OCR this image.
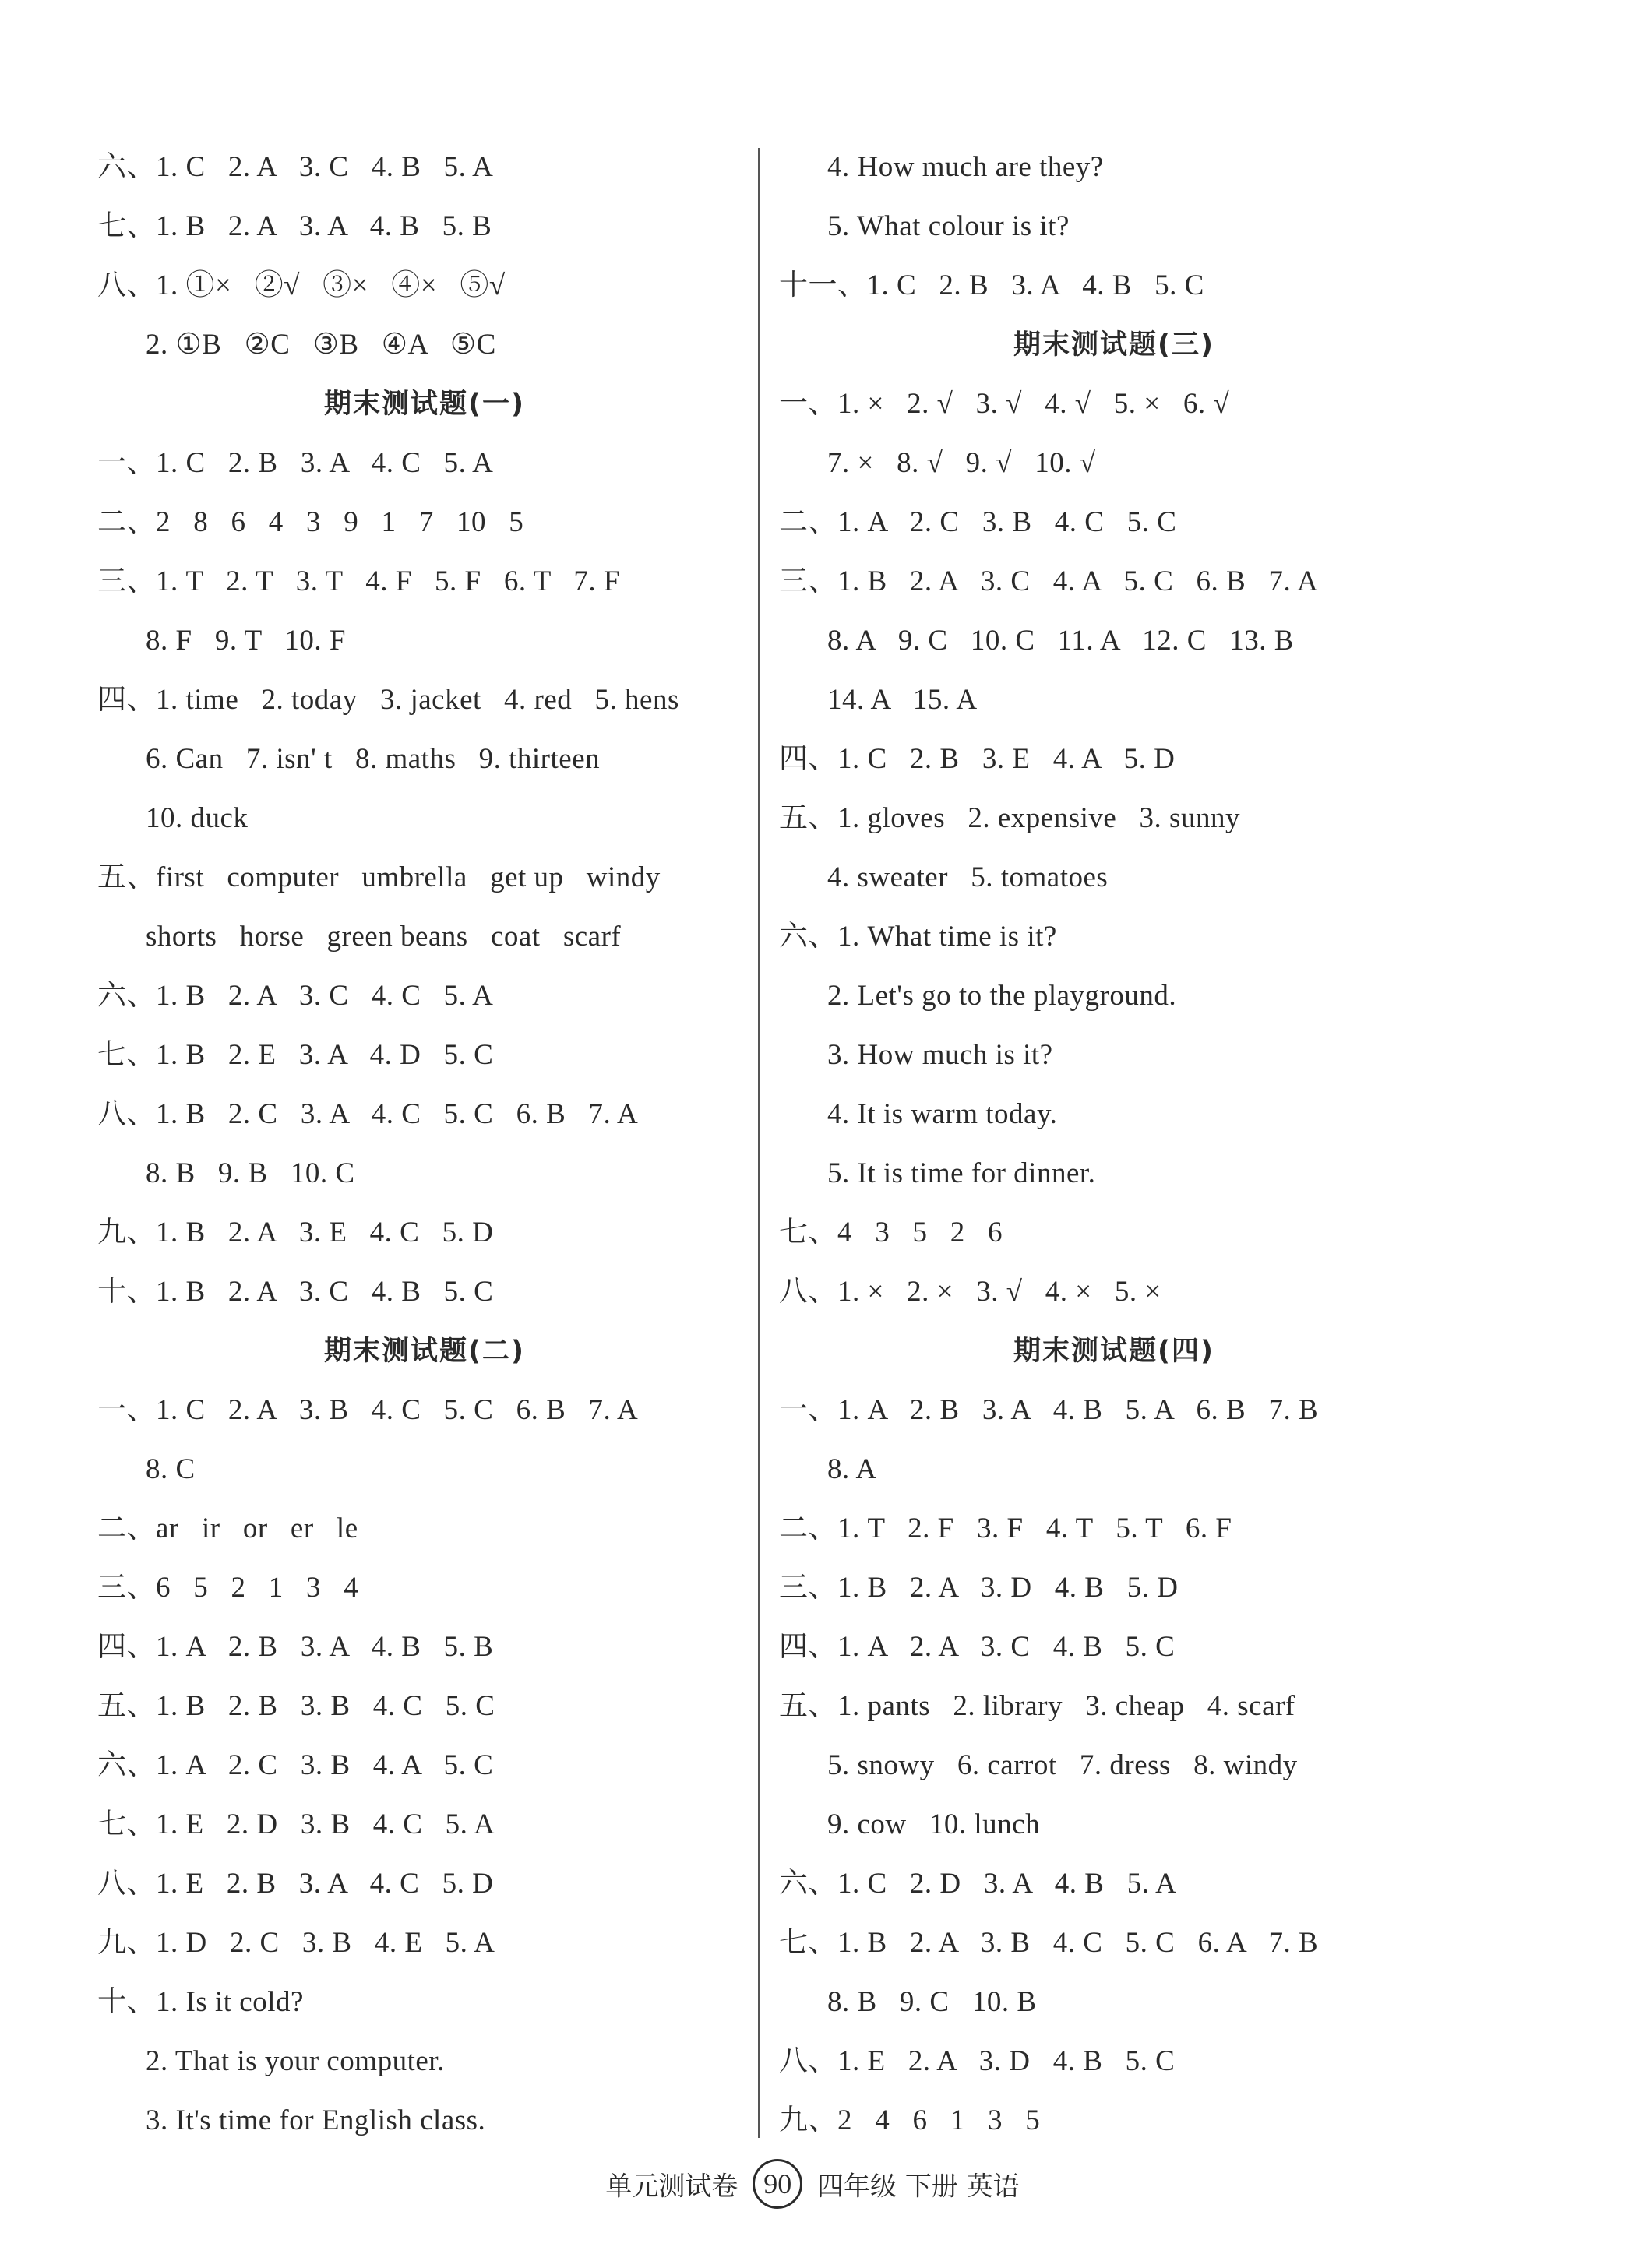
六、1. C   2. A   3. C   4. B   5. A
七、1. B   2. A   3. A   4. B   5. B
八、1. ①×   ②√   ③×   ④×   ⑤√
2. ①B   ②C   ③B   ④A   ⑤C
期末测试题(一)
一、1. C   2. B   3. A   4. C   5. A
二、2   8   6   4   3   9   1   7   10   5
三、1. T   2. T   3. T   4. F   5. F   6. T   7. F
8. F   9. T   10. F
四、1. time   2. today   3. jacket   4. red   5. hens
6. Can   7. isn' t   8. maths   9. thirteen
10. duck
五、first   computer   umbrella   get up   windy
shorts   horse   green beans   coat   scarf
六、1. B   2. A   3. C   4. C   5. A
七、1. B   2. E   3. A   4. D   5. C
八、1. B   2. C   3. A   4. C   5. C   6. B   7. A
8. B   9. B   10. C
九、1. B   2. A   3. E   4. C   5. D
十、1. B   2. A   3. C   4. B   5. C
期末测试题(二)
一、1. C   2. A   3. B   4. C   5. C   6. B   7. A
8. C
二、ar   ir   or   er   le
三、6   5   2   1   3   4
四、1. A   2. B   3. A   4. B   5. B
五、1. B   2. B   3. B   4. C   5. C
六、1. A   2. C   3. B   4. A   5. C
七、1. E   2. D   3. B   4. C   5. A
八、1. E   2. B   3. A   4. C   5. D
九、1. D   2. C   3. B   4. E   5. A
十、1. Is it cold?
2. That is your computer.
3. It's time for English class.
4. How much are they?
5. What colour is it?
十一、1. C   2. B   3. A   4. B   5. C
期末测试题(三)
一、1. ×   2. √   3. √   4. √   5. ×   6. √
7. ×   8. √   9. √   10. √
二、1. A   2. C   3. B   4. C   5. C
三、1. B   2. A   3. C   4. A   5. C   6. B   7. A
8. A   9. C   10. C   11. A   12. C   13. B
14. A   15. A
四、1. C   2. B   3. E   4. A   5. D
五、1. gloves   2. expensive   3. sunny
4. sweater   5. tomatoes
六、1. What time is it?
2. Let's go to the playground.
3. How much is it?
4. It is warm today.
5. It is time for dinner.
七、4   3   5   2   6
八、1. ×   2. ×   3. √   4. ×   5. ×
期末测试题(四)
一、1. A   2. B   3. A   4. B   5. A   6. B   7. B
8. A
二、1. T   2. F   3. F   4. T   5. T   6. F
三、1. B   2. A   3. D   4. B   5. D
四、1. A   2. A   3. C   4. B   5. C
五、1. pants   2. library   3. cheap   4. scarf
5. snowy   6. carrot   7. dress   8. windy
9. cow   10. lunch
六、1. C   2. D   3. A   4. B   5. A
七、1. B   2. A   3. B   4. C   5. C   6. A   7. B
8. B   9. C   10. B
八、1. E   2. A   3. D   4. B   5. C
九、2   4   6   1   3   5
单元测试卷 90 四年级 下册 英语
